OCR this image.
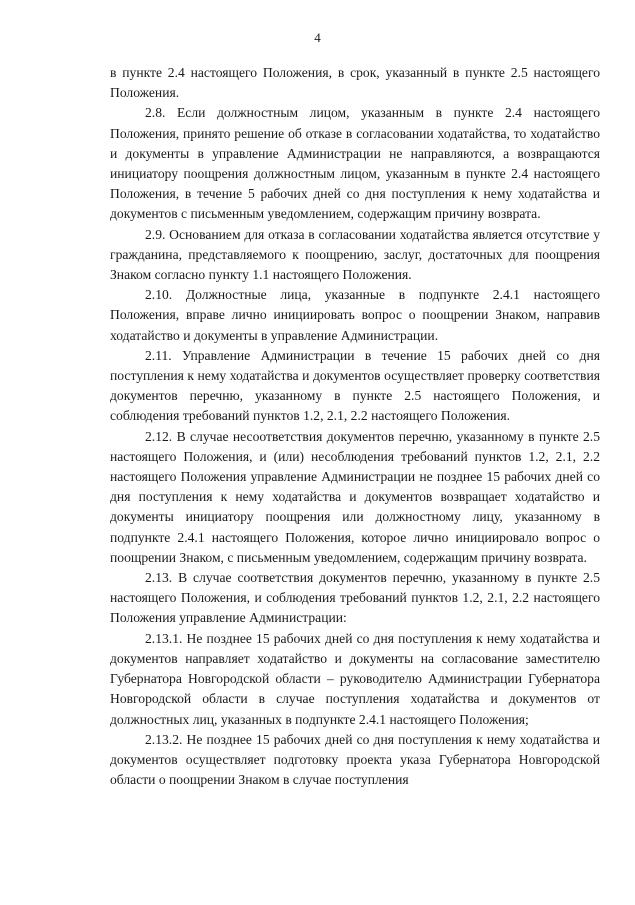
4

в пункте 2.4 настоящего Положения, в срок, указанный в пункте 2.5 настоящего Положения.

2.8. Если должностным лицом, указанным в пункте 2.4 настоящего Положения, принято решение об отказе в согласовании ходатайства, то ходатайство и документы в управление Администрации не направляются, а возвращаются инициатору поощрения должностным лицом, указанным в пункте 2.4 настоящего Положения, в течение 5 рабочих дней со дня поступления к нему ходатайства и документов с письменным уведомлением, содержащим причину возврата.

2.9. Основанием для отказа в согласовании ходатайства является отсутствие у гражданина, представляемого к поощрению, заслуг, достаточных для поощрения Знаком согласно пункту 1.1 настоящего Положения.

2.10. Должностные лица, указанные в подпункте 2.4.1 настоящего Положения, вправе лично инициировать вопрос о поощрении Знаком, направив ходатайство и документы в управление Администрации.

2.11. Управление Администрации в течение 15 рабочих дней со дня поступления к нему ходатайства и документов осуществляет проверку соответствия документов перечню, указанному в пункте 2.5 настоящего Положения, и соблюдения требований пунктов 1.2, 2.1, 2.2 настоящего Положения.

2.12. В случае несоответствия документов перечню, указанному в пункте 2.5 настоящего Положения, и (или) несоблюдения требований пунктов 1.2, 2.1, 2.2 настоящего Положения управление Администрации не позднее 15 рабочих дней со дня поступления к нему ходатайства и документов возвращает ходатайство и документы инициатору поощрения или должностному лицу, указанному в подпункте 2.4.1 настоящего Положения, которое лично инициировало вопрос о поощрении Знаком, с письменным уведомлением, содержащим причину возврата.

2.13. В случае соответствия документов перечню, указанному в пункте 2.5 настоящего Положения, и соблюдения требований пунктов 1.2, 2.1, 2.2 настоящего Положения управление Администрации:

2.13.1. Не позднее 15 рабочих дней со дня поступления к нему ходатайства и документов направляет ходатайство и документы на согласование заместителю Губернатора Новгородской области – руководителю Администрации Губернатора Новгородской области в случае поступления ходатайства и документов от должностных лиц, указанных в подпункте 2.4.1 настоящего Положения;

2.13.2. Не позднее 15 рабочих дней со дня поступления к нему ходатайства и документов осуществляет подготовку проекта указа Губернатора Новгородской области о поощрении Знаком в случае поступления
